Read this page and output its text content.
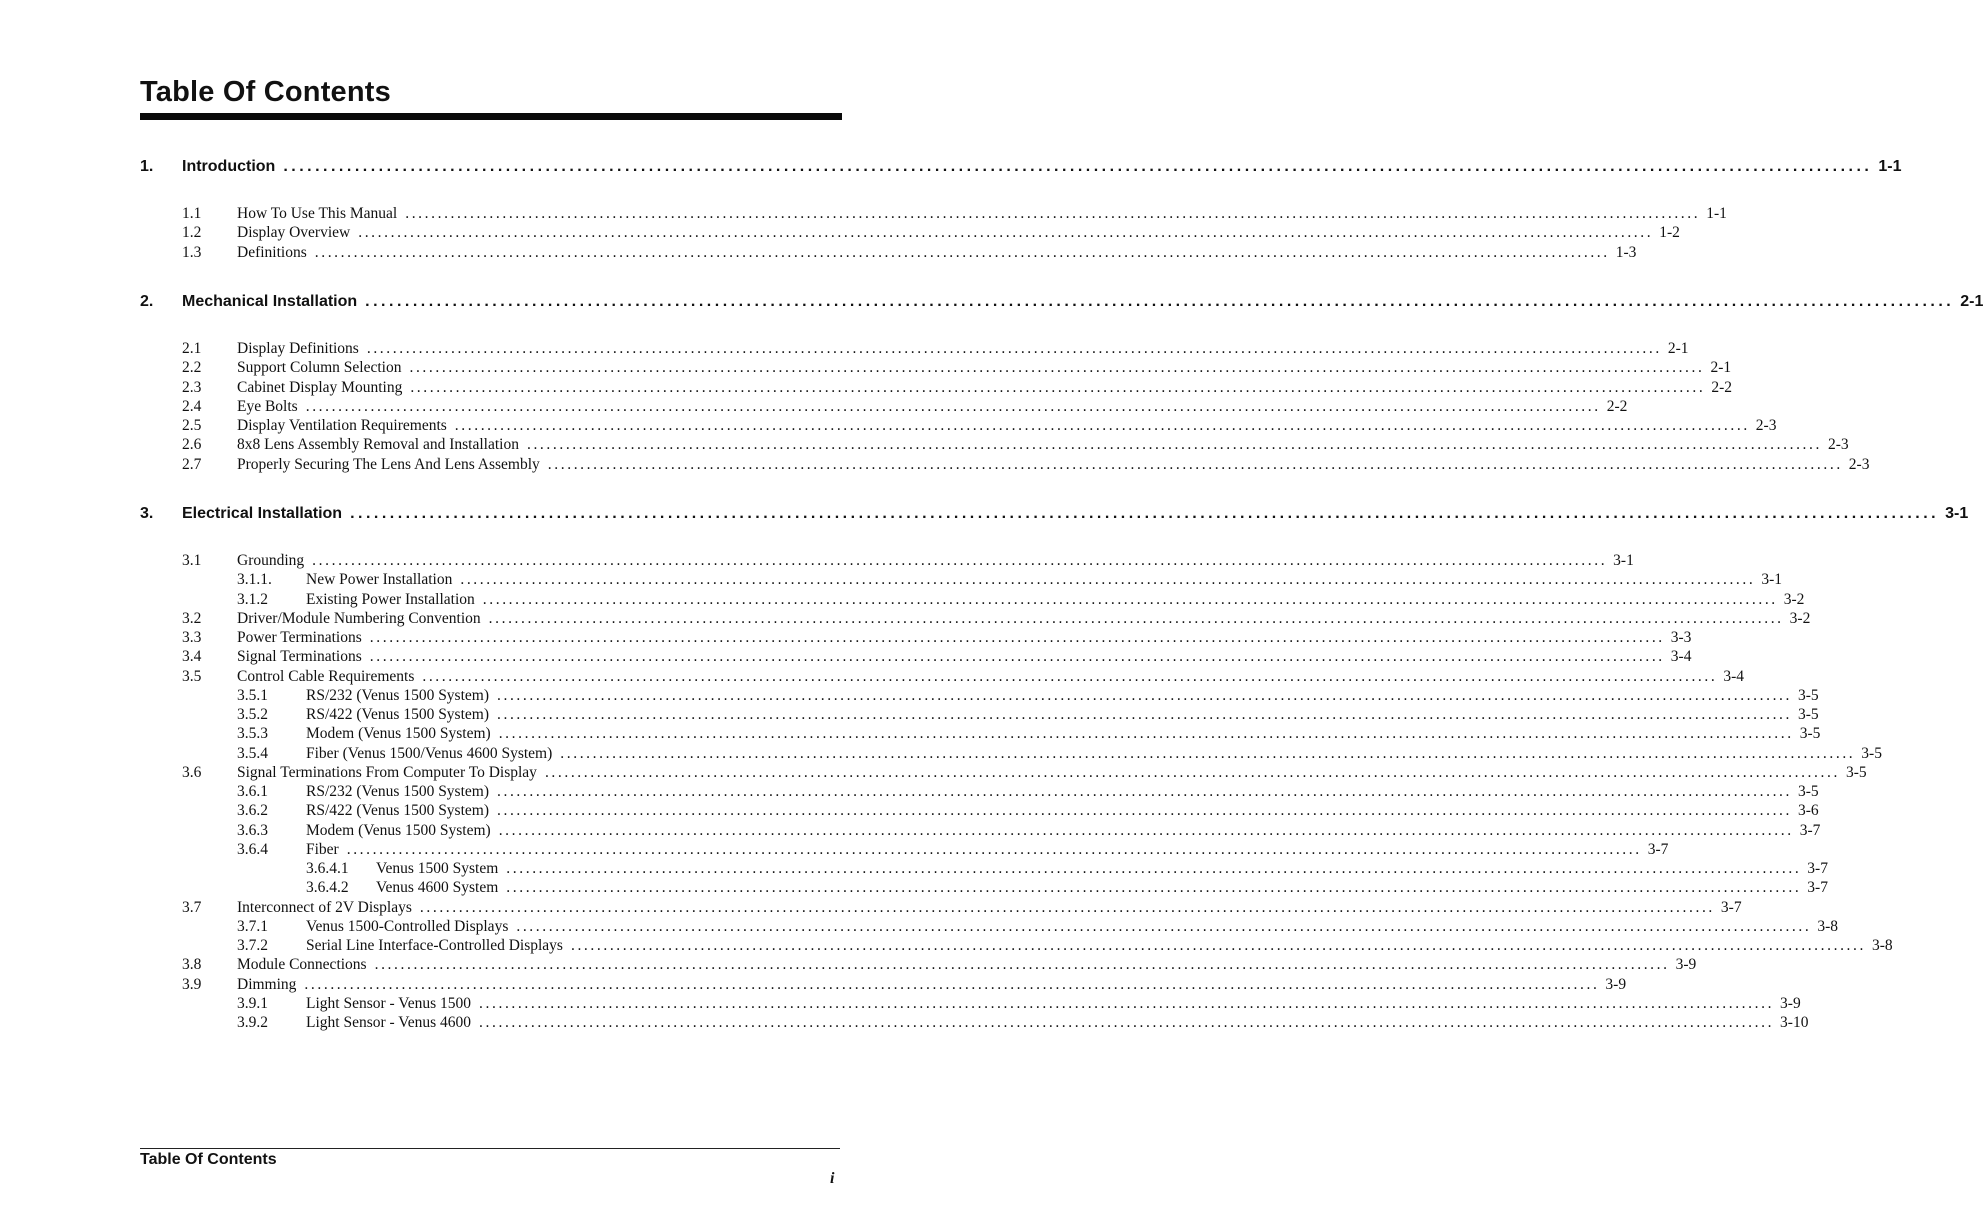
Table Of Contents
1. Introduction ........................................................................................................................................................................................................ 1-1
1.1 How To Use This Manual ........................................................................................................................................................................................................ 1-1
1.2 Display Overview ........................................................................................................................................................................................................ 1-2
1.3 Definitions ........................................................................................................................................................................................................ 1-3
2. Mechanical Installation ........................................................................................................................................................................................................ 2-1
2.1 Display Definitions ........................................................................................................................................................................................................ 2-1
2.2 Support Column Selection ........................................................................................................................................................................................................ 2-1
2.3 Cabinet Display Mounting ........................................................................................................................................................................................................ 2-2
2.4 Eye Bolts ........................................................................................................................................................................................................ 2-2
2.5 Display Ventilation Requirements ........................................................................................................................................................................................................ 2-3
2.6 8x8 Lens Assembly Removal and Installation ........................................................................................................................................................................................................ 2-3
2.7 Properly Securing The Lens And Lens Assembly ........................................................................................................................................................................................................ 2-3
3. Electrical Installation ........................................................................................................................................................................................................ 3-1
3.1 Grounding ........................................................................................................................................................................................................ 3-1
3.1.1. New Power Installation ........................................................................................................................................................................................................ 3-1
3.1.2 Existing Power Installation ........................................................................................................................................................................................................ 3-2
3.2 Driver/Module Numbering Convention ........................................................................................................................................................................................................ 3-2
3.3 Power Terminations ........................................................................................................................................................................................................ 3-3
3.4 Signal Terminations ........................................................................................................................................................................................................ 3-4
3.5 Control Cable Requirements ........................................................................................................................................................................................................ 3-4
3.5.1 RS/232 (Venus 1500 System) ........................................................................................................................................................................................................ 3-5
3.5.2 RS/422 (Venus 1500 System) ........................................................................................................................................................................................................ 3-5
3.5.3 Modem (Venus 1500 System) ........................................................................................................................................................................................................ 3-5
3.5.4 Fiber (Venus 1500/Venus 4600 System) ........................................................................................................................................................................................................ 3-5
3.6 Signal Terminations From Computer To Display ........................................................................................................................................................................................................ 3-5
3.6.1 RS/232 (Venus 1500 System) ........................................................................................................................................................................................................ 3-5
3.6.2 RS/422 (Venus 1500 System) ........................................................................................................................................................................................................ 3-6
3.6.3 Modem (Venus 1500 System) ........................................................................................................................................................................................................ 3-7
3.6.4 Fiber ........................................................................................................................................................................................................ 3-7
3.6.4.1 Venus 1500 System ........................................................................................................................................................................................................ 3-7
3.6.4.2 Venus 4600 System ........................................................................................................................................................................................................ 3-7
3.7 Interconnect of 2V Displays ........................................................................................................................................................................................................ 3-7
3.7.1 Venus 1500-Controlled Displays ........................................................................................................................................................................................................ 3-8
3.7.2 Serial Line Interface-Controlled Displays ........................................................................................................................................................................................................ 3-8
3.8 Module Connections ........................................................................................................................................................................................................ 3-9
3.9 Dimming ........................................................................................................................................................................................................ 3-9
3.9.1 Light Sensor - Venus 1500 ........................................................................................................................................................................................................ 3-9
3.9.2 Light Sensor - Venus 4600 ........................................................................................................................................................................................................ 3-10
Table Of Contents
i
